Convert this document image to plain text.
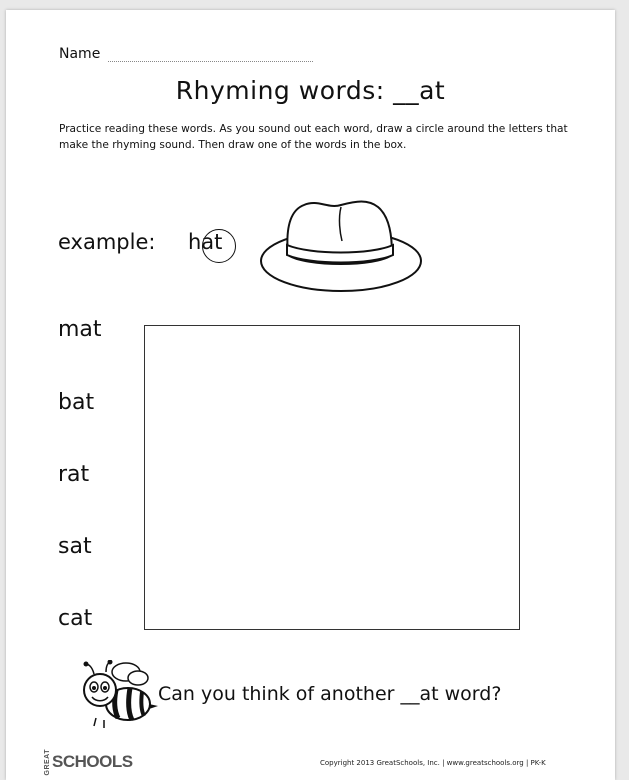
Name
Rhyming words: __at
Practice reading these words. As you sound out each word, draw a circle around the letters that make the rhyming sound. Then draw one of the words in the box.
example: hat
mat
bat
rat
sat
cat
Can you think of another __at word?
GREAT SCHOOLS	Copyright 2013 GreatSchools, Inc. | www.greatschools.org | PK-K
